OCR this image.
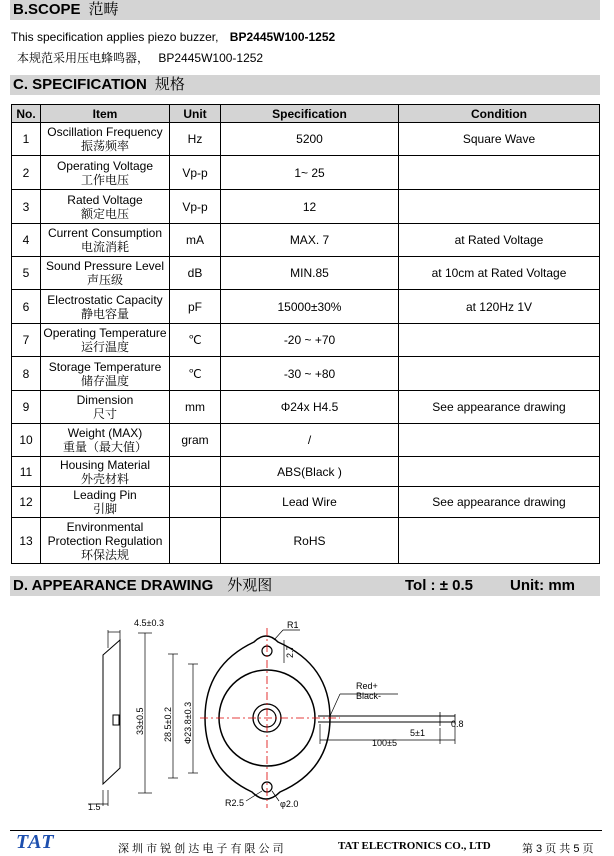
B.SCOPE 范畴
This specification applies piezo buzzer, BP2445W100-1252
本规范采用压电蜂鸣器， BP2445W100-1252
C. SPECIFICATION 规格
No.	Item	Unit	Specification	Condition
1	Oscillation Frequency
振荡频率	Hz	5200	Square Wave
2	Operating Voltage
工作电压	Vp-p	1~ 25	
3	Rated Voltage
额定电压	Vp-p	12	
4	Current Consumption
电流消耗	mA	MAX. 7	at Rated Voltage
5	Sound Pressure Level
声压级	dB	MIN.85	at 10cm at Rated Voltage
6	Electrostatic Capacity
静电容量	pF	15000±30%	at 120Hz 1V
7	Operating Temperature
运行温度	℃	-20 ~ +70	
8	Storage Temperature
储存温度	℃	-30 ~ +80	
9	Dimension
尺寸	mm	Φ24x H4.5	See appearance drawing
10	Weight (MAX)
重量（最大值）	gram	/	
11	Housing Material
外壳材料		ABS(Black )	
12	Leading Pin
引脚		Lead Wire	See appearance drawing
13	Environmental Protection Regulation
环保法规		RoHS	
D. APPEARANCE DRAWING 外观图	Tol : ± 0.5 Unit: mm
4.5±0.3
1.5
33±0.5 28.5±0.2 Φ23.8±0.3
R1
2.7
Red+
Black-
0.8
5±1
100±5
R2.5	φ2.0
TAT	深 圳 市 锐 创 达 电 子 有 限 公 司	TAT ELECTRONICS CO., LTD	第 3 页 共 5 页
